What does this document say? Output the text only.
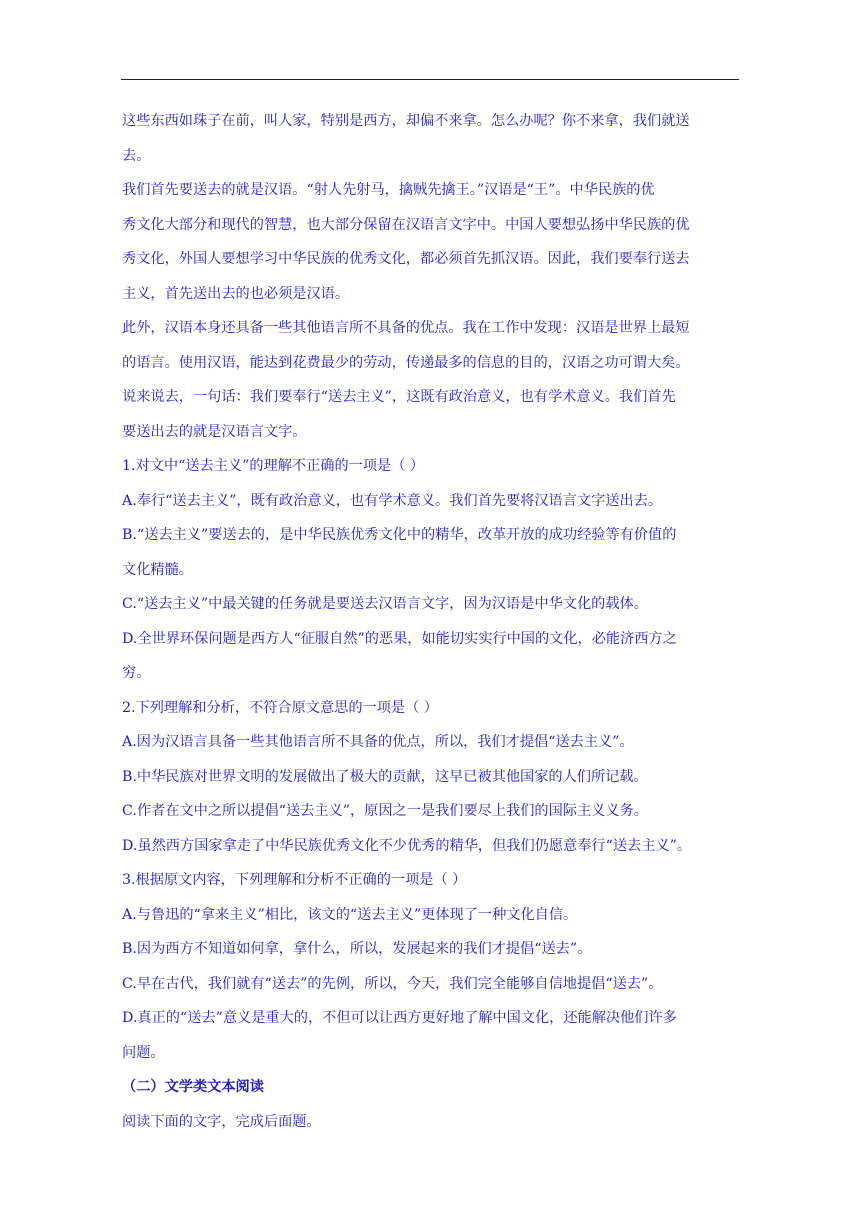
这些东西如珠子在前，叫人家，特别是西方，却偏不来拿。怎么办呢？你不来拿，我们就送
去。
我们首先要送去的就是汉语。“射人先射马，擒贼先擒王。”汉语是“王”。中华民族的优
秀文化大部分和现代的智慧，也大部分保留在汉语言文字中。中国人要想弘扬中华民族的优
秀文化，外国人要想学习中华民族的优秀文化，都必须首先抓汉语。因此，我们要奉行送去
主义，首先送出去的也必须是汉语。
此外，汉语本身还具备一些其他语言所不具备的优点。我在工作中发现：汉语是世界上最短
的语言。使用汉语，能达到花费最少的劳动，传递最多的信息的目的，汉语之功可谓大矣。
说来说去，一句话：我们要奉行“送去主义”，这既有政治意义，也有学术意义。我们首先
要送出去的就是汉语言文字。
1.对文中“送去主义”的理解不正确的一项是（ ）
A.奉行“送去主义”，既有政治意义，也有学术意义。我们首先要将汉语言文字送出去。
B.“送去主义”要送去的，是中华民族优秀文化中的精华，改革开放的成功经验等有价值的
文化精髓。
C.“送去主义”中最关键的任务就是要送去汉语言文字，因为汉语是中华文化的载体。
D.全世界环保问题是西方人“征服自然”的恶果，如能切实实行中国的文化，必能济西方之
穷。
2.下列理解和分析，不符合原文意思的一项是（ ）
A.因为汉语言具备一些其他语言所不具备的优点，所以，我们才提倡“送去主义”。
B.中华民族对世界文明的发展做出了极大的贡献，这早已被其他国家的人们所记载。
C.作者在文中之所以提倡“送去主义”，原因之一是我们要尽上我们的国际主义义务。
D.虽然西方国家拿走了中华民族优秀文化不少优秀的精华，但我们仍愿意奉行“送去主义”。
3.根据原文内容，下列理解和分析不正确的一项是（ ）
A.与鲁迅的“拿来主义”相比，该文的“送去主义”更体现了一种文化自信。
B.因为西方不知道如何拿，拿什么，所以，发展起来的我们才提倡“送去”。
C.早在古代，我们就有“送去”的先例，所以，今天，我们完全能够自信地提倡“送去”。
D.真正的“送去”意义是重大的，不但可以让西方更好地了解中国文化，还能解决他们许多
问题。
（二）文学类文本阅读
阅读下面的文字，完成后面题。
